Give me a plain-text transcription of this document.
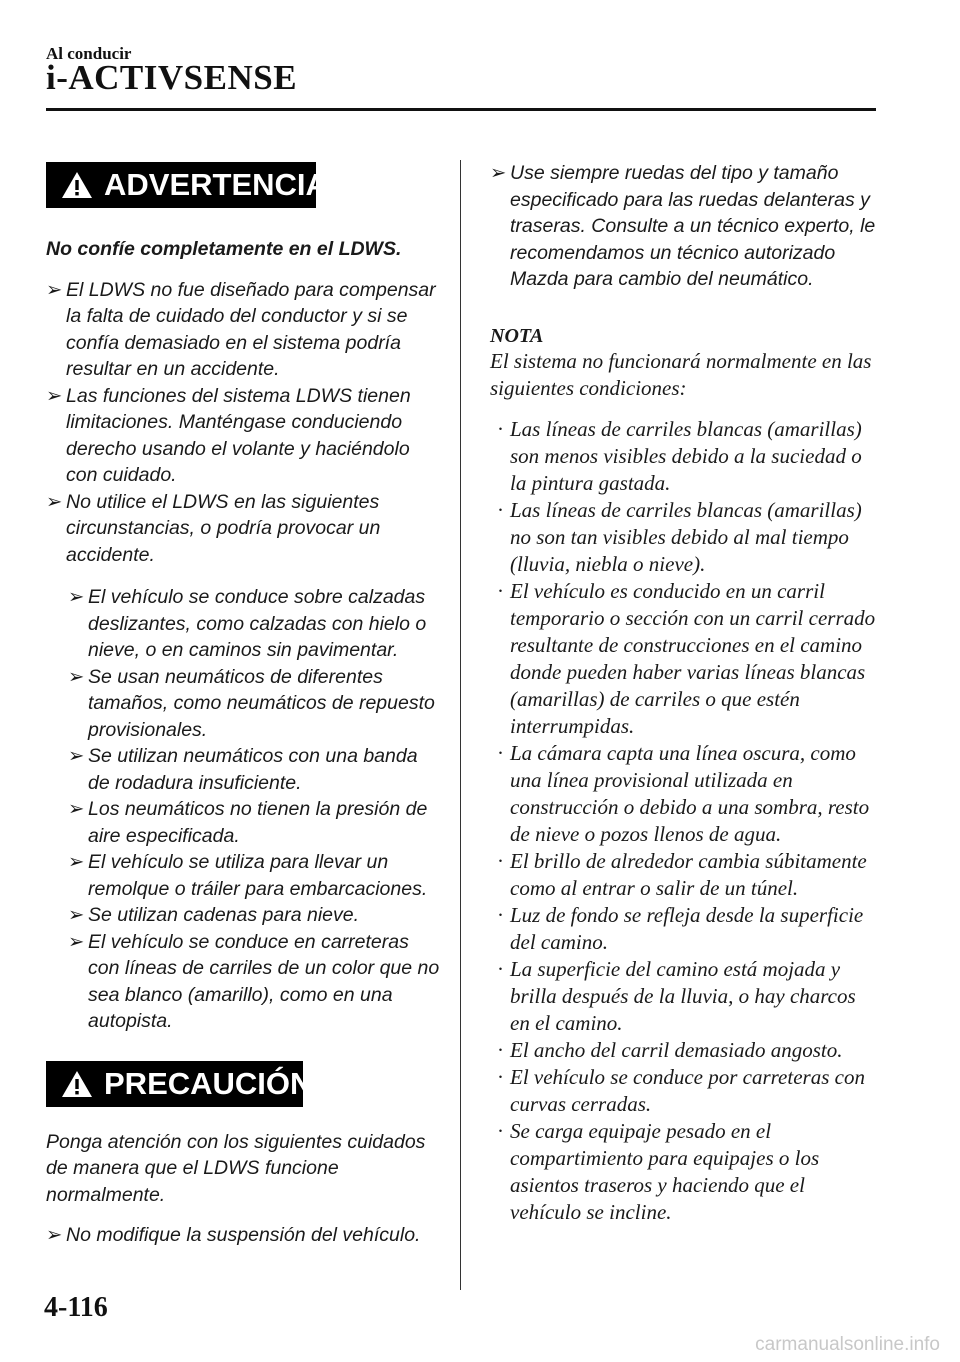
Al conducir
i-ACTIVSENSE
ADVERTENCIA
No confíe completamente en el LDWS.
➢ El LDWS no fue diseñado para compensar la falta de cuidado del conductor y si se confía demasiado en el sistema podría resultar en un accidente.
➢ Las funciones del sistema LDWS tienen limitaciones. Manténgase conduciendo derecho usando el volante y haciéndolo con cuidado.
➢ No utilice el LDWS en las siguientes circunstancias, o podría provocar un accidente.
➢ El vehículo se conduce sobre calzadas deslizantes, como calzadas con hielo o nieve, o en caminos sin pavimentar.
➢ Se usan neumáticos de diferentes tamaños, como neumáticos de repuesto provisionales.
➢ Se utilizan neumáticos con una banda de rodadura insuficiente.
➢ Los neumáticos no tienen la presión de aire especificada.
➢ El vehículo se utiliza para llevar un remolque o tráiler para embarcaciones.
➢ Se utilizan cadenas para nieve.
➢ El vehículo se conduce en carreteras con líneas de carriles de un color que no sea blanco (amarillo), como en una autopista.
PRECAUCIÓN
Ponga atención con los siguientes cuidados de manera que el LDWS funcione normalmente.
➢ No modifique la suspensión del vehículo.
➢ Use siempre ruedas del tipo y tamaño especificado para las ruedas delanteras y traseras. Consulte a un técnico experto, le recomendamos un técnico autorizado Mazda para cambio del neumático.
NOTA
El sistema no funcionará normalmente en las siguientes condiciones:
· Las líneas de carriles blancas (amarillas) son menos visibles debido a la suciedad o la pintura gastada.
· Las líneas de carriles blancas (amarillas) no son tan visibles debido al mal tiempo (lluvia, niebla o nieve).
· El vehículo es conducido en un carril temporario o sección con un carril cerrado resultante de construcciones en el camino donde pueden haber varias líneas blancas (amarillas) de carriles o que estén interrumpidas.
· La cámara capta una línea oscura, como una línea provisional utilizada en construcción o debido a una sombra, resto de nieve o pozos llenos de agua.
· El brillo de alrededor cambia súbitamente como al entrar o salir de un túnel.
· Luz de fondo se refleja desde la superficie del camino.
· La superficie del camino está mojada y brilla después de la lluvia, o hay charcos en el camino.
· El ancho del carril demasiado angosto.
· El vehículo se conduce por carreteras con curvas cerradas.
· Se carga equipaje pesado en el compartimiento para equipajes o los asientos traseros y haciendo que el vehículo se incline.
4-116
carmanualsonline.info
